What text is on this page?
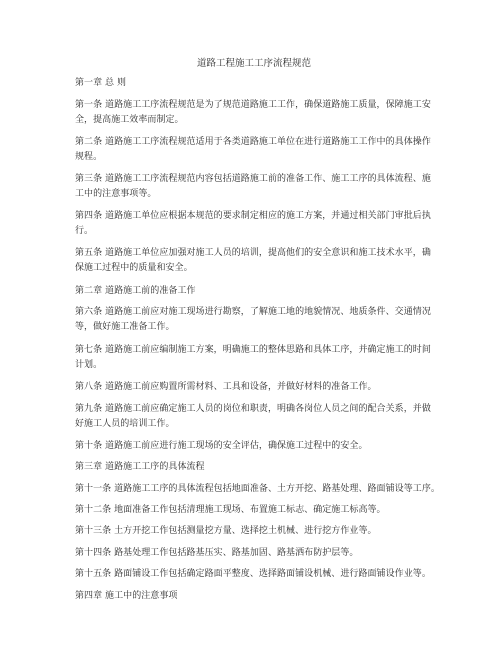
道路工程施工工序流程规范
第一章 总 则
第一条 道路施工工序流程规范是为了规范道路施工工作，确保道路施工质量，保障施工安
全，提高施工效率而制定。
第二条 道路施工工序流程规范适用于各类道路施工单位在进行道路施工工作中的具体操作
规程。
第三条 道路施工工序流程规范内容包括道路施工前的准备工作、施工工序的具体流程、施
工中的注意事项等。
第四条 道路施工单位应根据本规范的要求制定相应的施工方案，并通过相关部门审批后执
行。
第五条 道路施工单位应加强对施工人员的培训，提高他们的安全意识和施工技术水平，确
保施工过程中的质量和安全。
第二章 道路施工前的准备工作
第六条 道路施工前应对施工现场进行勘察，了解施工地的地貌情况、地质条件、交通情况
等，做好施工准备工作。
第七条 道路施工前应编制施工方案，明确施工的整体思路和具体工序，并确定施工的时间
计划。
第八条 道路施工前应购置所需材料、工具和设备，并做好材料的准备工作。
第九条 道路施工前应确定施工人员的岗位和职责，明确各岗位人员之间的配合关系，并做
好施工人员的培训工作。
第十条 道路施工前应进行施工现场的安全评估，确保施工过程中的安全。
第三章 道路施工工序的具体流程
第十一条 道路施工工序的具体流程包括地面准备、土方开挖、路基处理、路面铺设等工序。
第十二条 地面准备工作包括清理施工现场、布置施工标志、确定施工标高等。
第十三条 土方开挖工作包括测量挖方量、选择挖土机械、进行挖方作业等。
第十四条 路基处理工作包括路基压实、路基加固、路基洒布防护层等。
第十五条 路面铺设工作包括确定路面平整度、选择路面铺设机械、进行路面铺设作业等。
第四章 施工中的注意事项
